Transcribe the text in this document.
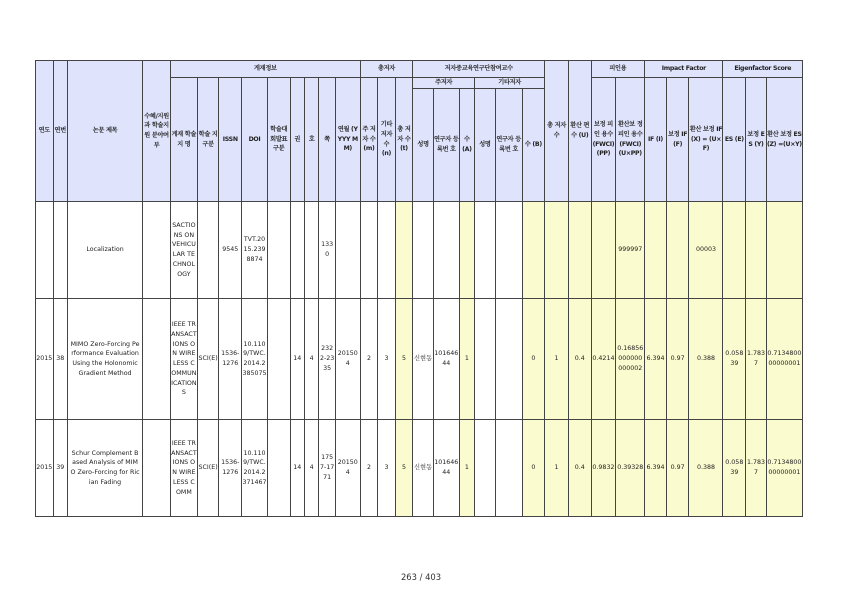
연도	연번	논문 제목	수혜/지원과 학술지원 분야여부	게재정보									총저자			저자중교육연구단참여교수						총 저자 수	환산 편수 (U)	피인용		Impact Factor			Eigenfactor Score		
				게재 학술지 명	학술 지 구분	ISSN	DOI	학술대 회발표 구분	권	호	쪽	연월 (YYYY MM)	주 저자 수 (m)	기타 저자 수 (n)	총 저자 수 (t)	주저자			기타저자					보정 피인 용수 (FWCI) (PP)	환산보 정피인 용수 (FWCI) (U×PP)	IF (I)	보정 IF (F)	환산 보정 IF(X) = (U×F)	ES (E)	보정 ES (Y)	환산 보정 ES(Z) =(U×Y)
																성명	연구자 등록번 호	수 (A)	성명	연구자 등록번 호	수 (B)										
		Localization		SACTIONS ON VEHICULAR TECHNOLOGY		9545	TVT.2015.2398874				1330														999997			00003			
2015	38	MIMO Zero-Forcing Performance Evaluation Using the Holonomic Gradient Method		IEEE TRANSACTIONS ON WIRELESS COMMUNICATIONS	SCI(E)	1536-1276	10.1109/TWC.2014.2385075		14	4	2322-2335	201504	2	3	5	신현동	10164644	1			0	1	0.4	0.4214	0.16856000000000002	6.394	0.97	0.388	0.05839	1.7837	0.713480000000001
2015	39	Schur Complement Based Analysis of MIMO Zero-Forcing for Rician Fading		IEEE TRANSACTIONS ON WIRELESS COMM	SCI(E)	1536-1276	10.1109/TWC.2014.2371467		14	4	1757-1771	201504	2	3	5	신현동	10164644	1			0	1	0.4	0.9832	0.39328	6.394	0.97	0.388	0.05839	1.7837	0.713480000000001
263 / 403
